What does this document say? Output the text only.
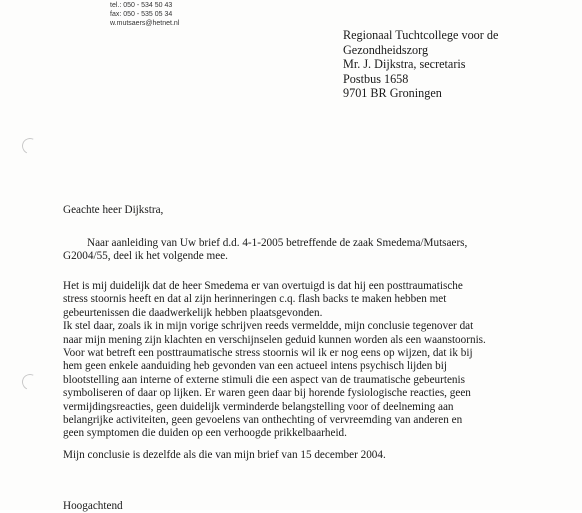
tel.: 050 - 534 50 43
fax: 050 - 535 05 34
w.mutsaers@hetnet.nl
Regionaal Tuchtcollege voor de
Gezondheidszorg
Mr. J. Dijkstra, secretaris
Postbus 1658
9701 BR Groningen
Geachte heer Dijkstra,
Naar aanleiding van Uw brief d.d. 4-1-2005 betreffende de zaak Smedema/Mutsaers,
G2004/55, deel ik het volgende mee.
Het is mij duidelijk dat de heer Smedema er van overtuigd is dat hij een posttraumatische
stress stoornis heeft en dat al zijn herinneringen c.q. flash backs te maken hebben met
gebeurtenissen die daadwerkelijk hebben plaatsgevonden.
Ik stel daar, zoals ik in mijn vorige schrijven reeds vermeldde, mijn conclusie tegenover dat
naar mijn mening zijn klachten en verschijnselen geduid kunnen worden als een waanstoornis.
Voor wat betreft een posttraumatische stress stoornis wil ik er nog eens op wijzen, dat ik bij
hem geen enkele aanduiding heb gevonden van een actueel intens psychisch lijden bij
blootstelling aan interne of externe stimuli die een aspect van de traumatische gebeurtenis
symboliseren of daar op lijken. Er waren geen daar bij horende fysiologische reacties, geen
vermijdingsreacties, geen duidelijk verminderde belangstelling voor of deelneming aan
belangrijke activiteiten, geen gevoelens van onthechting of vervreemding van anderen en
geen symptomen die duiden op een verhoogde prikkelbaarheid.
Mijn conclusie is dezelfde als die van mijn brief van 15 december 2004.
Hoogachtend
